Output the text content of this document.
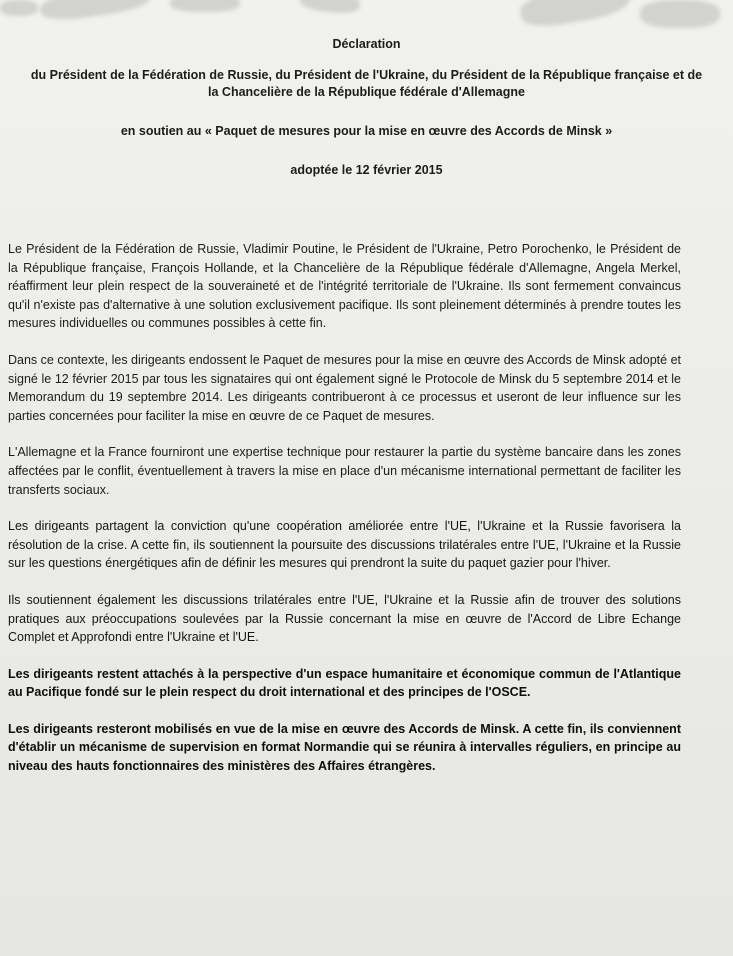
Déclaration
du Président de la Fédération de Russie, du Président de l'Ukraine, du Président de la République française et de la Chancelière de la République fédérale d'Allemagne
en soutien au « Paquet de mesures pour la mise en œuvre des Accords de Minsk »
adoptée le 12 février 2015

Le Président de la Fédération de Russie, Vladimir Poutine, le Président de l'Ukraine, Petro Porochenko, le Président de la République française, François Hollande, et la Chancelière de la République fédérale d'Allemagne, Angela Merkel, réaffirment leur plein respect de la souveraineté et de l'intégrité territoriale de l'Ukraine. Ils sont fermement convaincus qu'il n'existe pas d'alternative à une solution exclusivement pacifique. Ils sont pleinement déterminés à prendre toutes les mesures individuelles ou communes possibles à cette fin.

Dans ce contexte, les dirigeants endossent le Paquet de mesures pour la mise en œuvre des Accords de Minsk adopté et signé le 12 février 2015 par tous les signataires qui ont également signé le Protocole de Minsk du 5 septembre 2014 et le Memorandum du 19 septembre 2014. Les dirigeants contribueront à ce processus et useront de leur influence sur les parties concernées pour faciliter la mise en œuvre de ce Paquet de mesures.

L'Allemagne et la France fourniront une expertise technique pour restaurer la partie du système bancaire dans les zones affectées par le conflit, éventuellement à travers la mise en place d'un mécanisme international permettant de faciliter les transferts sociaux.

Les dirigeants partagent la conviction qu'une coopération améliorée entre l'UE, l'Ukraine et la Russie favorisera la résolution de la crise. A cette fin, ils soutiennent la poursuite des discussions trilatérales entre l'UE, l'Ukraine et la Russie sur les questions énergétiques afin de définir les mesures qui prendront la suite du paquet gazier pour l'hiver.

Ils soutiennent également les discussions trilatérales entre l'UE, l'Ukraine et la Russie afin de trouver des solutions pratiques aux préoccupations soulevées par la Russie concernant la mise en œuvre de l'Accord de Libre Echange Complet et Approfondi entre l'Ukraine et l'UE.

Les dirigeants restent attachés à la perspective d'un espace humanitaire et économique commun de l'Atlantique au Pacifique fondé sur le plein respect du droit international et des principes de l'OSCE.

Les dirigeants resteront mobilisés en vue de la mise en œuvre des Accords de Minsk. A cette fin, ils conviennent d'établir un mécanisme de supervision en format Normandie qui se réunira à intervalles réguliers, en principe au niveau des hauts fonctionnaires des ministères des Affaires étrangères.
